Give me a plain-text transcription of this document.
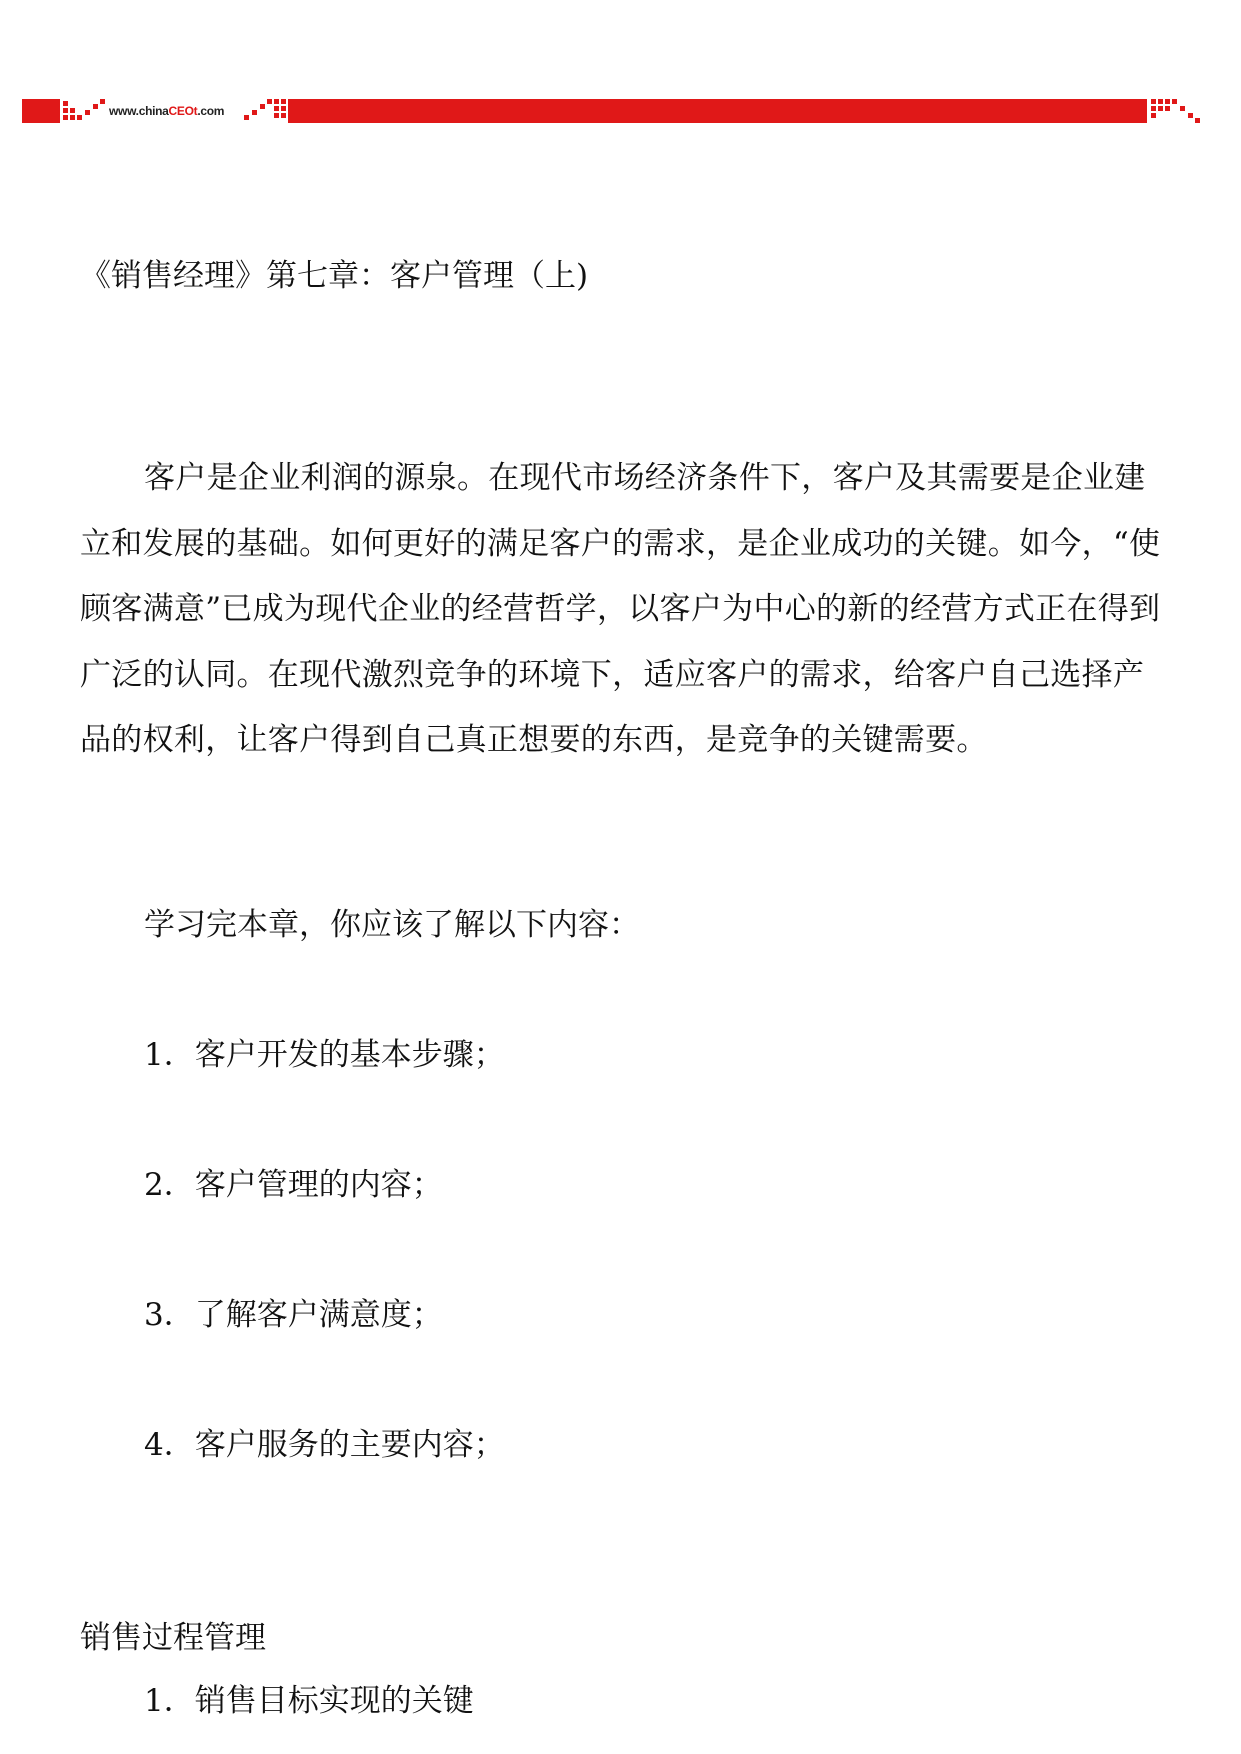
www.chinaCEOt.com
《销售经理》第七章：客户管理（上)
客户是企业利润的源泉。在现代市场经济条件下，客户及其需要是企业建立和发展的基础。如何更好的满足客户的需求，是企业成功的关键。如今，“使顾客满意”已成为现代企业的经营哲学，以客户为中心的新的经营方式正在得到广泛的认同。在现代激烈竞争的环境下，适应客户的需求，给客户自己选择产品的权利，让客户得到自己真正想要的东西，是竞争的关键需要。
学习完本章，你应该了解以下内容：
1．客户开发的基本步骤；
2．客户管理的内容；
3．了解客户满意度；
4．客户服务的主要内容；
销售过程管理
1．销售目标实现的关键
